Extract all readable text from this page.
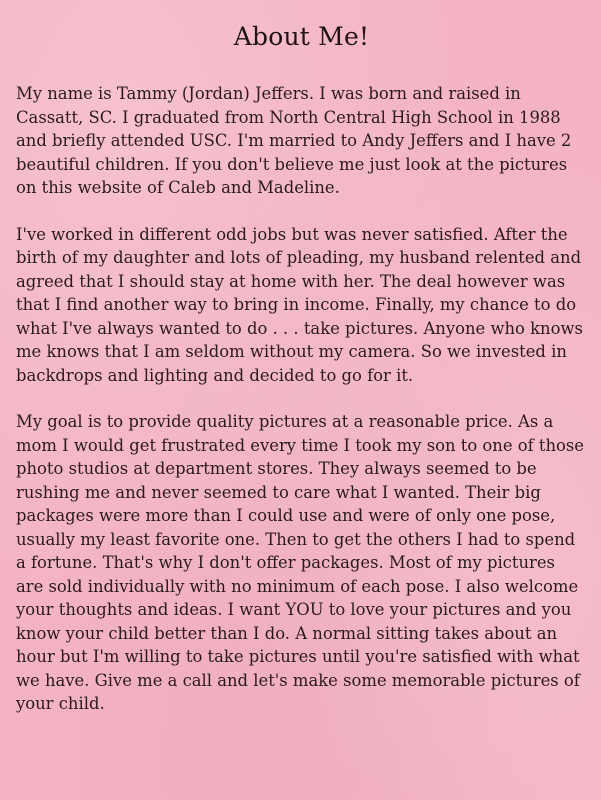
About Me!

My name is Tammy (Jordan) Jeffers. I was born and raised in Cassatt, SC. I graduated from North Central High School in 1988 and briefly attended USC. I'm married to Andy Jeffers and I have 2 beautiful children. If you don't believe me just look at the pictures on this website of Caleb and Madeline.

I've worked in different odd jobs but was never satisfied. After the birth of my daughter and lots of pleading, my husband relented and agreed that I should stay at home with her. The deal however was that I find another way to bring in income. Finally, my chance to do what I've always wanted to do . . . take pictures. Anyone who knows me knows that I am seldom without my camera. So we invested in backdrops and lighting and decided to go for it.

My goal is to provide quality pictures at a reasonable price. As a mom I would get frustrated every time I took my son to one of those photo studios at department stores. They always seemed to be rushing me and never seemed to care what I wanted. Their big packages were more than I could use and were of only one pose, usually my least favorite one. Then to get the others I had to spend a fortune. That's why I don't offer packages. Most of my pictures are sold individually with no minimum of each pose. I also welcome your thoughts and ideas. I want YOU to love your pictures and you know your child better than I do. A normal sitting takes about an hour but I'm willing to take pictures until you're satisfied with what we have. Give me a call and let's make some memorable pictures of your child.
